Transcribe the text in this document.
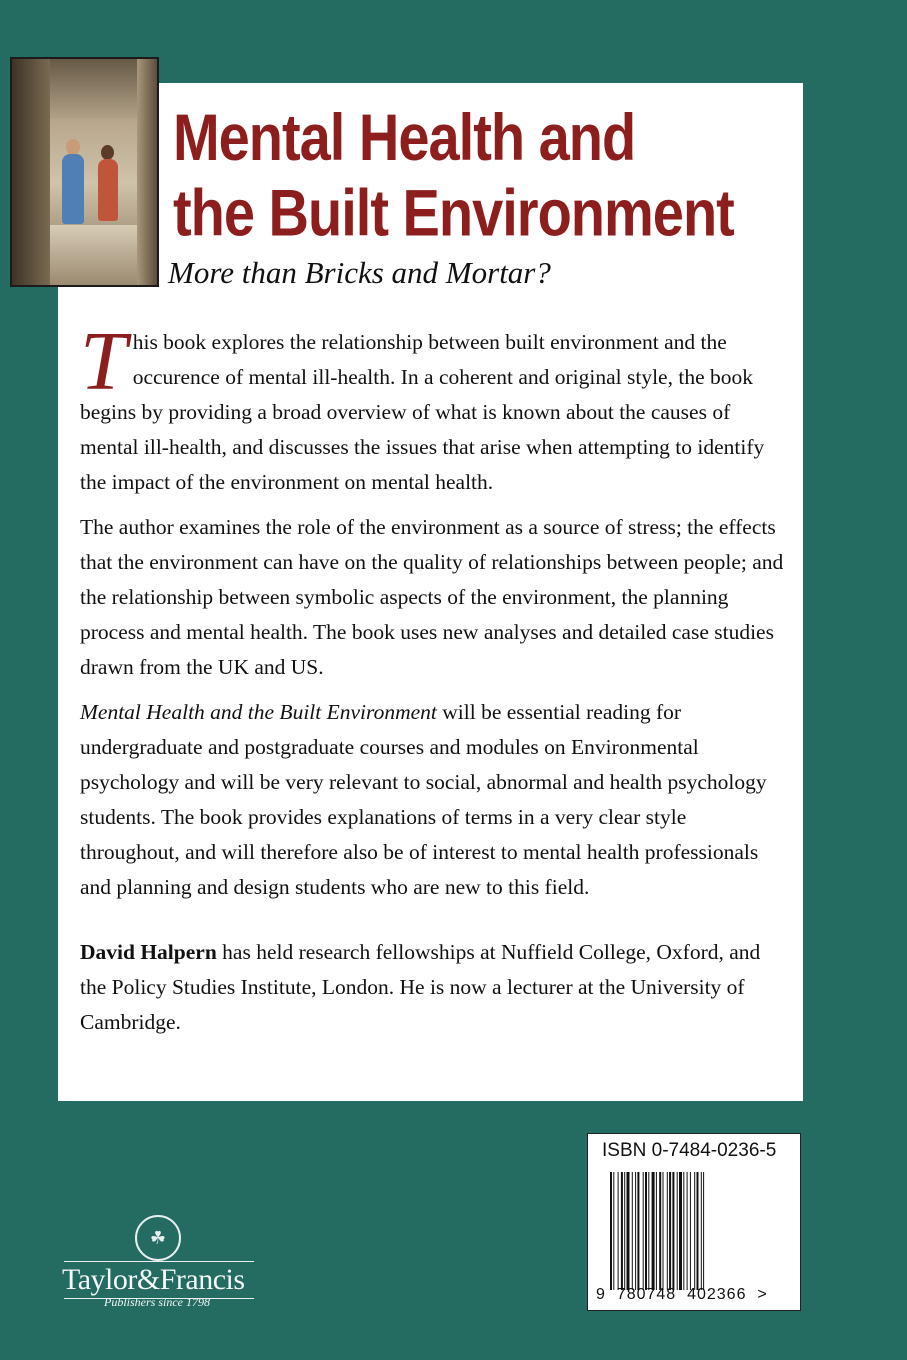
Mental Health and
the Built Environment

More than Bricks and Mortar?

This book explores the relationship between built environment and the occurence of mental ill-health. In a coherent and original style, the book begins by providing a broad overview of what is known about the causes of mental ill-health, and discusses the issues that arise when attempting to identify the impact of the environment on mental health.

The author examines the role of the environment as a source of stress; the effects that the environment can have on the quality of relationships between people; and the relationship between symbolic aspects of the environment, the planning process and mental health. The book uses new analyses and detailed case studies drawn from the UK and US.

Mental Health and the Built Environment will be essential reading for undergraduate and postgraduate courses and modules on Environmental psychology and will be very relevant to social, abnormal and health psychology students. The book provides explanations of terms in a very clear style throughout, and will therefore also be of interest to mental health professionals and planning and design students who are new to this field.

David Halpern has held research fellowships at Nuffield College, Oxford, and the Policy Studies Institute, London. He is now a lecturer at the University of Cambridge.

☘

Taylor&Francis

Publishers since 1798

ISBN 0-7484-0236-5

9  780748  402366  >
